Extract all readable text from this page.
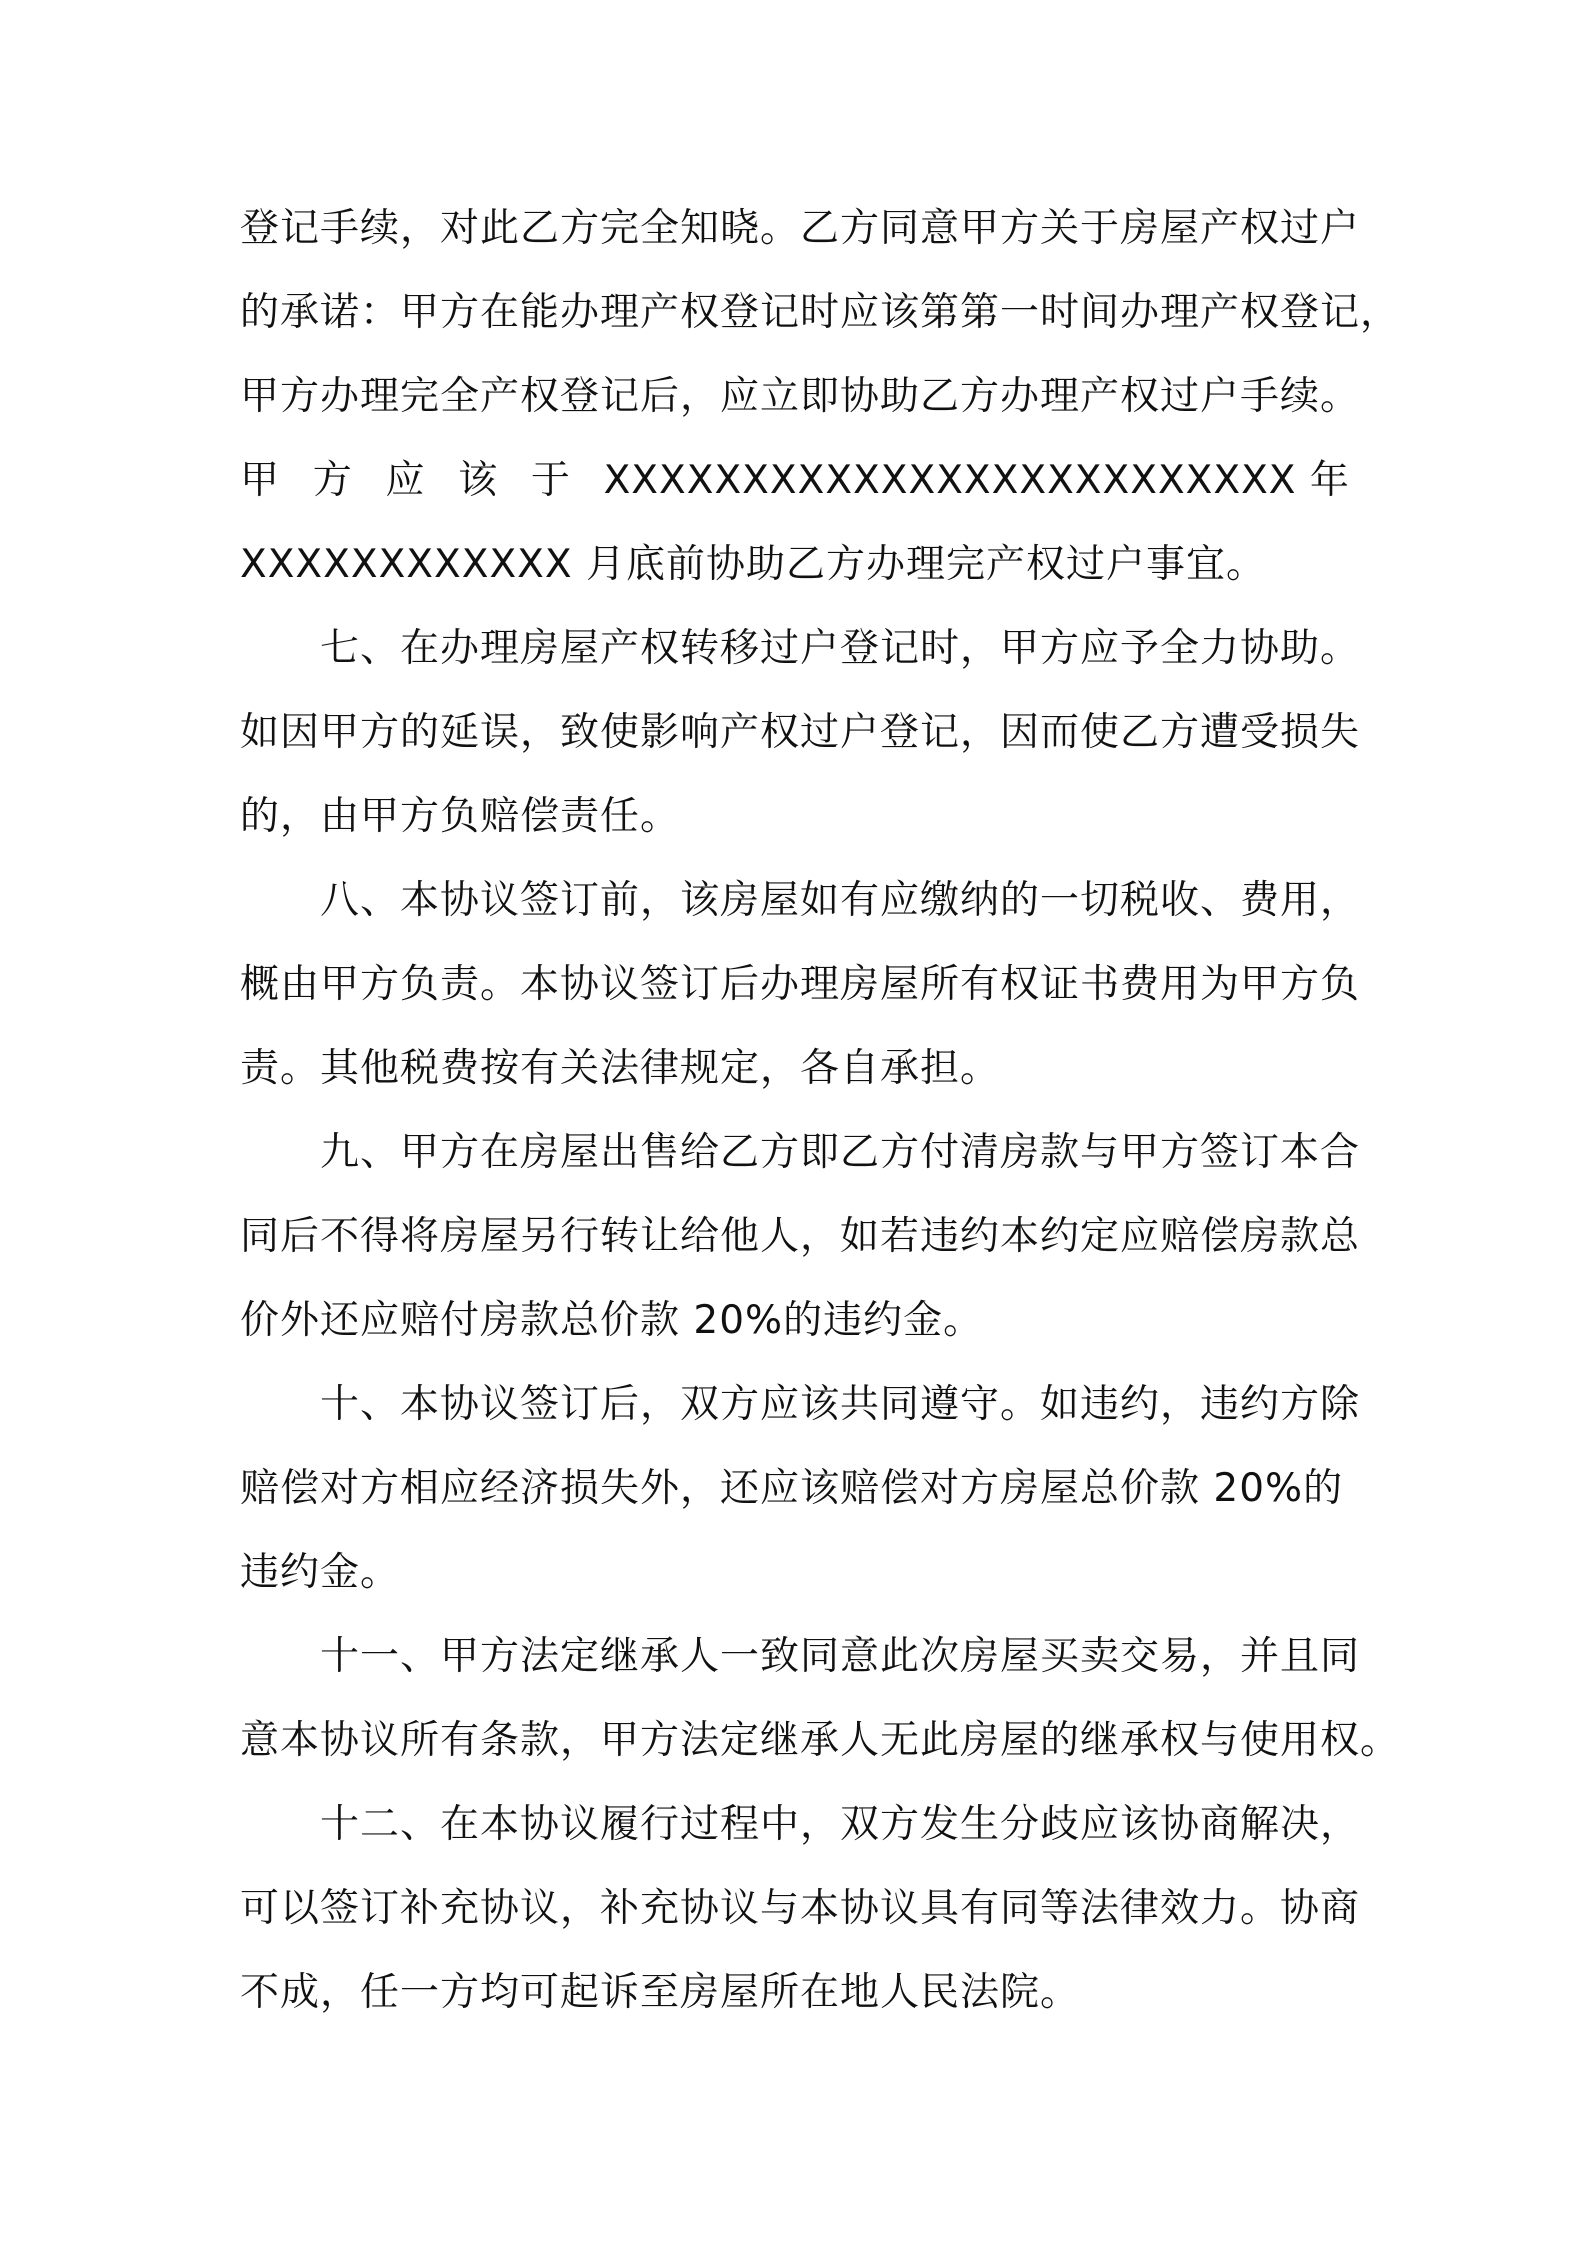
登记手续，对此乙方完全知晓。乙方同意甲方关于房屋产权过户
的承诺：甲方在能办理产权登记时应该第第一时间办理产权登记，
甲方办理完全产权登记后，应立即协助乙方办理产权过户手续。
甲 方 应 该 于 XXXXXXXXXXXXXXXXXXXXXXXXX 年
XXXXXXXXXXXX 月底前协助乙方办理完产权过户事宜。
七、在办理房屋产权转移过户登记时，甲方应予全力协助。
如因甲方的延误，致使影响产权过户登记，因而使乙方遭受损失
的，由甲方负赔偿责任。
八、本协议签订前，该房屋如有应缴纳的一切税收、费用，
概由甲方负责。本协议签订后办理房屋所有权证书费用为甲方负
责。其他税费按有关法律规定，各自承担。
九、甲方在房屋出售给乙方即乙方付清房款与甲方签订本合
同后不得将房屋另行转让给他人，如若违约本约定应赔偿房款总
价外还应赔付房款总价款 20%的违约金。
十、本协议签订后，双方应该共同遵守。如违约，违约方除
赔偿对方相应经济损失外，还应该赔偿对方房屋总价款 20%的
违约金。
十一、甲方法定继承人一致同意此次房屋买卖交易，并且同
意本协议所有条款，甲方法定继承人无此房屋的继承权与使用权。
十二、在本协议履行过程中，双方发生分歧应该协商解决，
可以签订补充协议，补充协议与本协议具有同等法律效力。协商
不成，任一方均可起诉至房屋所在地人民法院。
